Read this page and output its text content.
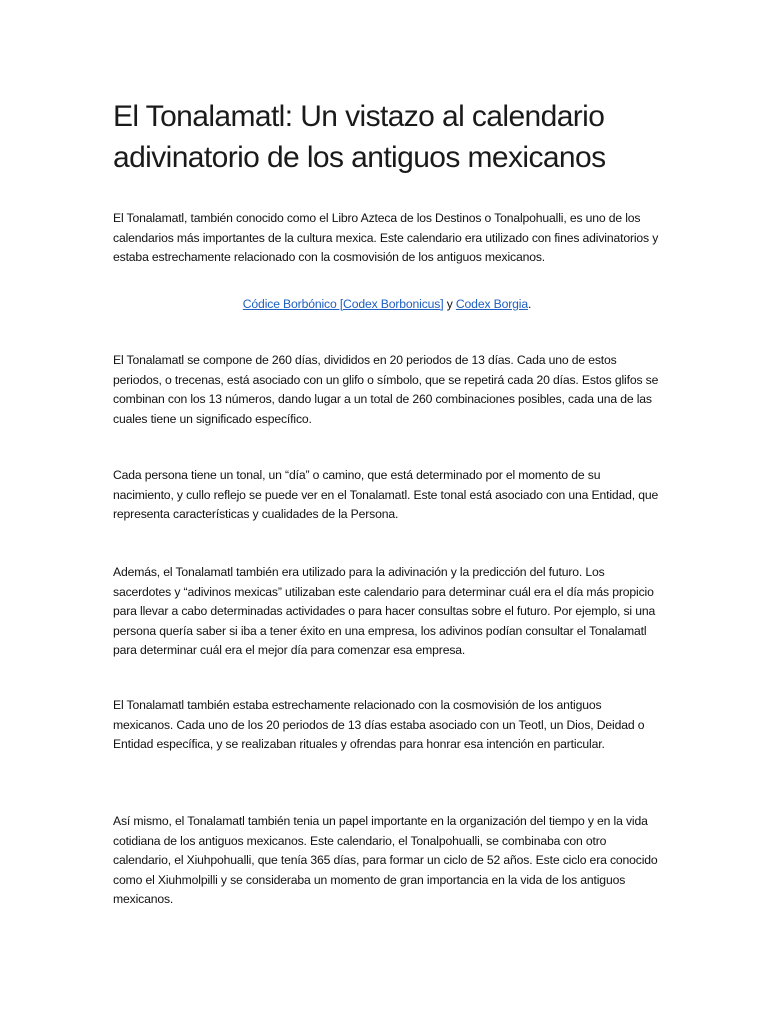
El Tonalamatl: Un vistazo al calendario adivinatorio de los antiguos mexicanos

El Tonalamatl, también conocido como el Libro Azteca de los Destinos o Tonalpohualli, es uno de los calendarios más importantes de la cultura mexica. Este calendario era utilizado con fines adivinatorios y estaba estrechamente relacionado con la cosmovisión de los antiguos mexicanos.

Códice Borbónico [Codex Borbonicus] y Codex Borgia.

El Tonalamatl se compone de 260 días, divididos en 20 periodos de 13 días. Cada uno de estos periodos, o trecenas, está asociado con un glifo o símbolo, que se repetirá cada 20 días. Estos glifos se combinan con los 13 números, dando lugar a un total de 260 combinaciones posibles, cada una de las cuales tiene un significado específico.

Cada persona tiene un tonal, un “día” o camino, que está determinado por el momento de su nacimiento, y cullo reflejo se puede ver en el Tonalamatl. Este tonal está asociado con una Entidad, que representa características y cualidades de la Persona.

Además, el Tonalamatl también era utilizado para la adivinación y la predicción del futuro. Los sacerdotes y “adivinos mexicas” utilizaban este calendario para determinar cuál era el día más propicio para llevar a cabo determinadas actividades o para hacer consultas sobre el futuro. Por ejemplo, si una persona quería saber si iba a tener éxito en una empresa, los adivinos podían consultar el Tonalamatl para determinar cuál era el mejor día para comenzar esa empresa.

El Tonalamatl también estaba estrechamente relacionado con la cosmovisión de los antiguos mexicanos. Cada uno de los 20 periodos de 13 días estaba asociado con un Teotl, un Dios, Deidad o Entidad específica, y se realizaban rituales y ofrendas para honrar esa intención en particular.

Así mismo, el Tonalamatl también tenia un papel importante en la organización del tiempo y en la vida cotidiana de los antiguos mexicanos. Este calendario, el Tonalpohualli, se combinaba con otro calendario, el Xiuhpohualli, que tenía 365 días, para formar un ciclo de 52 años. Este ciclo era conocido como el Xiuhmolpilli y se consideraba un momento de gran importancia en la vida de los antiguos mexicanos.
